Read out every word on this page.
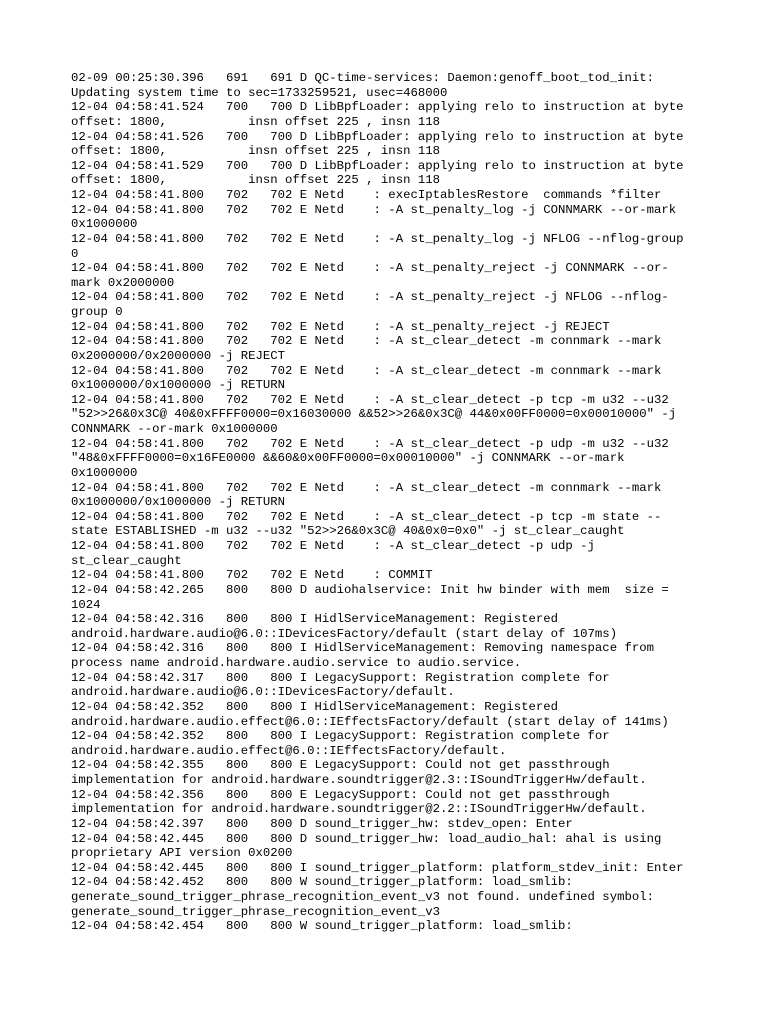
02-09 00:25:30.396   691   691 D QC-time-services: Daemon:genoff_boot_tod_init:
Updating system time to sec=1733259521, usec=468000
12-04 04:58:41.524   700   700 D LibBpfLoader: applying relo to instruction at byte
offset: 1800,           insn offset 225 , insn 118
12-04 04:58:41.526   700   700 D LibBpfLoader: applying relo to instruction at byte
offset: 1800,           insn offset 225 , insn 118
12-04 04:58:41.529   700   700 D LibBpfLoader: applying relo to instruction at byte
offset: 1800,           insn offset 225 , insn 118
12-04 04:58:41.800   702   702 E Netd    : execIptablesRestore  commands *filter
12-04 04:58:41.800   702   702 E Netd    : -A st_penalty_log -j CONNMARK --or-mark
0x1000000
12-04 04:58:41.800   702   702 E Netd    : -A st_penalty_log -j NFLOG --nflog-group
0
12-04 04:58:41.800   702   702 E Netd    : -A st_penalty_reject -j CONNMARK --or-
mark 0x2000000
12-04 04:58:41.800   702   702 E Netd    : -A st_penalty_reject -j NFLOG --nflog-
group 0
12-04 04:58:41.800   702   702 E Netd    : -A st_penalty_reject -j REJECT
12-04 04:58:41.800   702   702 E Netd    : -A st_clear_detect -m connmark --mark
0x2000000/0x2000000 -j REJECT
12-04 04:58:41.800   702   702 E Netd    : -A st_clear_detect -m connmark --mark
0x1000000/0x1000000 -j RETURN
12-04 04:58:41.800   702   702 E Netd    : -A st_clear_detect -p tcp -m u32 --u32
"52>>26&0x3C@ 40&0xFFFF0000=0x16030000 &&52>>26&0x3C@ 44&0x00FF0000=0x00010000" -j
CONNMARK --or-mark 0x1000000
12-04 04:58:41.800   702   702 E Netd    : -A st_clear_detect -p udp -m u32 --u32
"48&0xFFFF0000=0x16FE0000 &&60&0x00FF0000=0x00010000" -j CONNMARK --or-mark
0x1000000
12-04 04:58:41.800   702   702 E Netd    : -A st_clear_detect -m connmark --mark
0x1000000/0x1000000 -j RETURN
12-04 04:58:41.800   702   702 E Netd    : -A st_clear_detect -p tcp -m state --
state ESTABLISHED -m u32 --u32 "52>>26&0x3C@ 40&0x0=0x0" -j st_clear_caught
12-04 04:58:41.800   702   702 E Netd    : -A st_clear_detect -p udp -j
st_clear_caught
12-04 04:58:41.800   702   702 E Netd    : COMMIT
12-04 04:58:42.265   800   800 D audiohalservice: Init hw binder with mem  size =
1024
12-04 04:58:42.316   800   800 I HidlServiceManagement: Registered
android.hardware.audio@6.0::IDevicesFactory/default (start delay of 107ms)
12-04 04:58:42.316   800   800 I HidlServiceManagement: Removing namespace from
process name android.hardware.audio.service to audio.service.
12-04 04:58:42.317   800   800 I LegacySupport: Registration complete for
android.hardware.audio@6.0::IDevicesFactory/default.
12-04 04:58:42.352   800   800 I HidlServiceManagement: Registered
android.hardware.audio.effect@6.0::IEffectsFactory/default (start delay of 141ms)
12-04 04:58:42.352   800   800 I LegacySupport: Registration complete for
android.hardware.audio.effect@6.0::IEffectsFactory/default.
12-04 04:58:42.355   800   800 E LegacySupport: Could not get passthrough
implementation for android.hardware.soundtrigger@2.3::ISoundTriggerHw/default.
12-04 04:58:42.356   800   800 E LegacySupport: Could not get passthrough
implementation for android.hardware.soundtrigger@2.2::ISoundTriggerHw/default.
12-04 04:58:42.397   800   800 D sound_trigger_hw: stdev_open: Enter
12-04 04:58:42.445   800   800 D sound_trigger_hw: load_audio_hal: ahal is using
proprietary API version 0x0200
12-04 04:58:42.445   800   800 I sound_trigger_platform: platform_stdev_init: Enter
12-04 04:58:42.452   800   800 W sound_trigger_platform: load_smlib:
generate_sound_trigger_phrase_recognition_event_v3 not found. undefined symbol:
generate_sound_trigger_phrase_recognition_event_v3
12-04 04:58:42.454   800   800 W sound_trigger_platform: load_smlib:
